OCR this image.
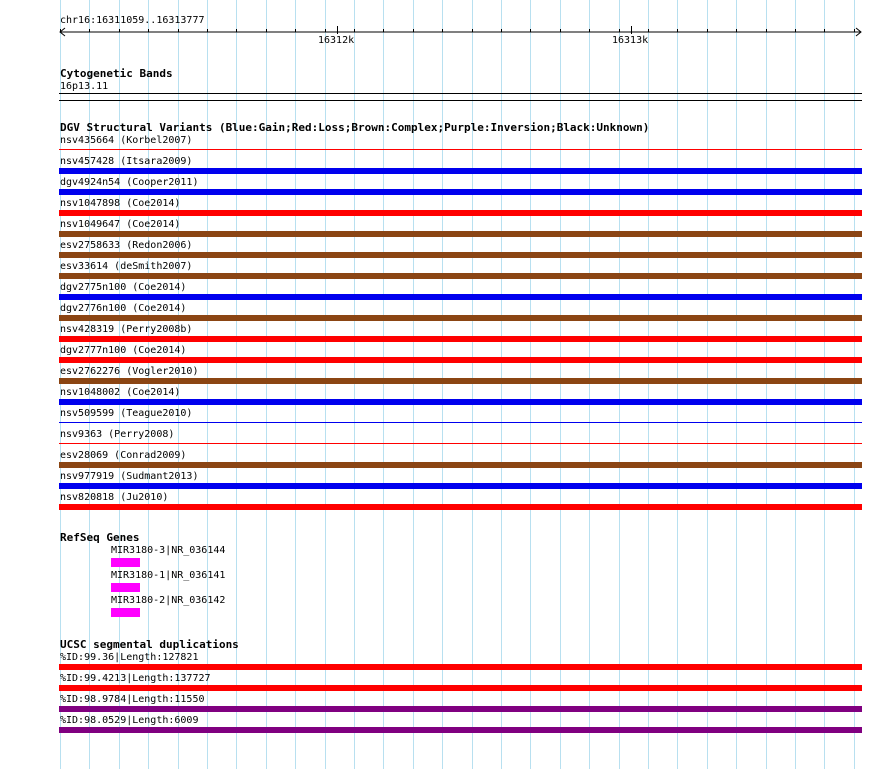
chr16:16311059..16313777
16312k	16313k
Cytogenetic Bands
16p13.11
DGV Structural Variants (Blue:Gain;Red:Loss;Brown:Complex;Purple:Inversion;Black:Unknown)
nsv435664 (Korbel2007)
nsv457428 (Itsara2009)
dgv4924n54 (Cooper2011)
nsv1047898 (Coe2014)
nsv1049647 (Coe2014)
esv2758633 (Redon2006)
esv33614 (deSmith2007)
dgv2775n100 (Coe2014)
dgv2776n100 (Coe2014)
nsv428319 (Perry2008b)
dgv2777n100 (Coe2014)
esv2762276 (Vogler2010)
nsv1048002 (Coe2014)
nsv509599 (Teague2010)
nsv9363 (Perry2008)
esv28069 (Conrad2009)
nsv977919 (Sudmant2013)
nsv820818 (Ju2010)
RefSeq Genes
MIR3180-3|NR_036144
MIR3180-1|NR_036141
MIR3180-2|NR_036142
UCSC segmental duplications
%ID:99.36|Length:127821
%ID:99.4213|Length:137727
%ID:98.9784|Length:11550
%ID:98.0529|Length:6009
